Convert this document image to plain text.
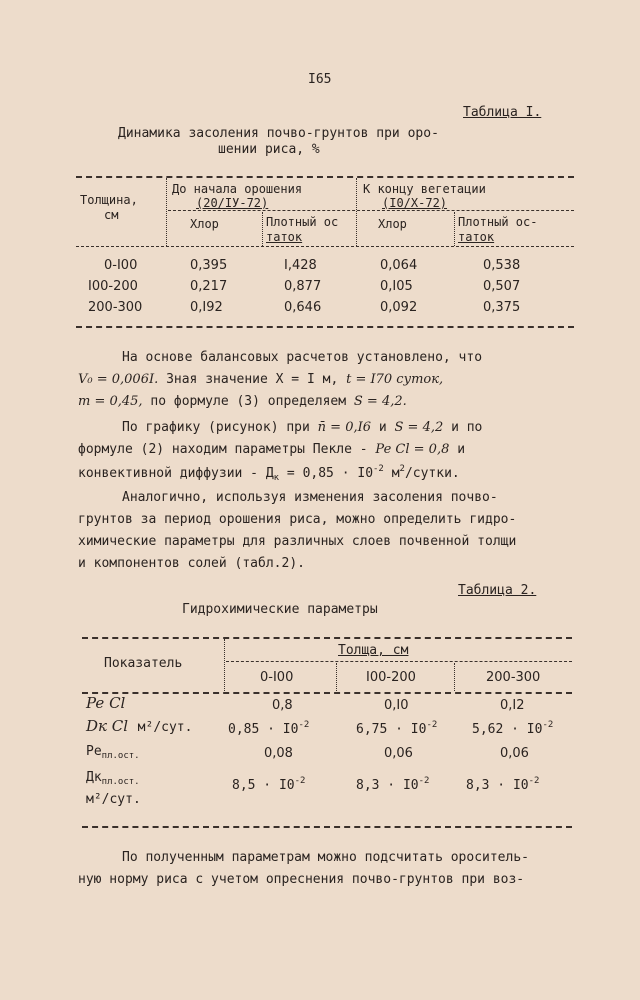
I65
Таблица I.
Динамика засоления почво-грунтов при оро-
шении риса, %
Толщина,
см
До начала орошения
(20/IУ-72)
К концу вегетации
(I0/X-72)
Хлор	Плотный ос
таток
Хлор	Плотный ос-
таток
0-I00	0,395	I,428	0,064	0,538
I00-200	0,217	0,877	0,I05	0,507
200-300	0,I92	0,646	0,092	0,375
На основе балансовых расчетов установлено, что
V₀ = 0,006I. Зная значение X = I м, t = I70 суток,
m = 0,45, по формуле (3) определяем S = 4,2.
По графику (рисунок) при n̄ = 0,I6 и S = 4,2 и по
формуле (2) находим параметры Пекле - Pe Cl = 0,8 и
конвективной диффузии - $Д_к = 0,85 \cdot I0^{-2}$ $м^2$/сутки.
Аналогично, используя изменения засоления почво-
грунтов за период орошения риса, можно определить гидро-
химические параметры для различных слоев почвенной толщи
и компонентов солей (табл.2).
Таблица 2.
Гидрохимические параметры
Показатель
Толща, см
0-I00	I00-200	200-300
Pe Cl	0,8	0,I0	0,I2
Dк Cl м²/сут.	$0,85 \cdot I0^{-2}$	$6,75 \cdot I0^{-2}$	$5,62 \cdot I0^{-2}$
$Ре_{пл.ост.}$	0,08	0,06	0,06
$Дк_{пл.ост.}$
м²/сут.
$8,5 \cdot I0^{-2}$	$8,3 \cdot I0^{-2}$	$8,3 \cdot I0^{-2}$
По полученным параметрам можно подсчитать ороситель-
ную норму риса с учетом опреснения почво-грунтов при воз-
